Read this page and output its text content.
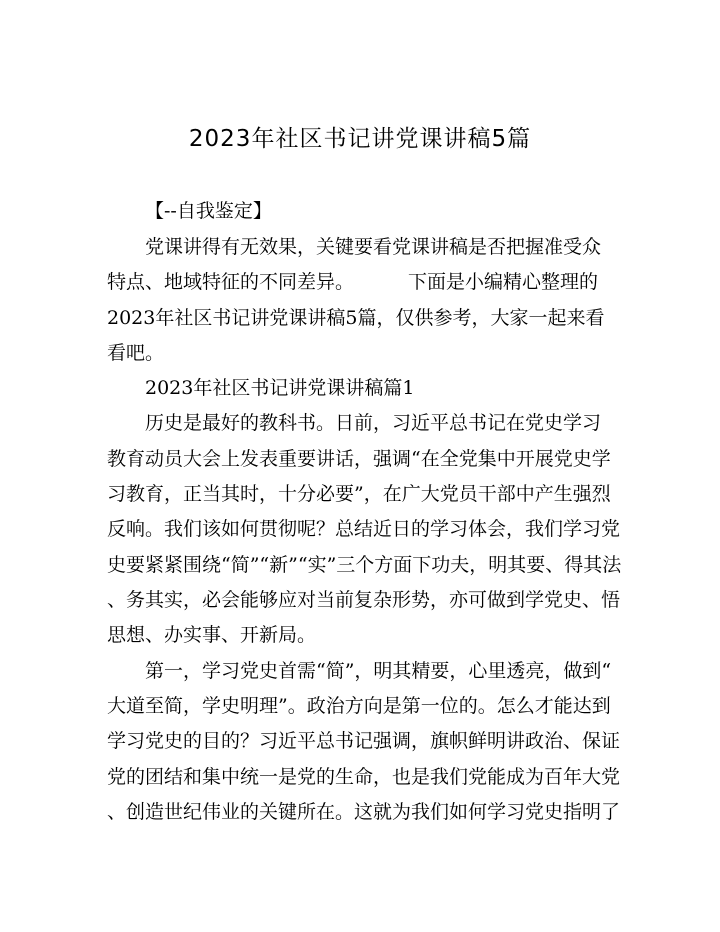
2023年社区书记讲党课讲稿5篇
【--自我鉴定】
党课讲得有无效果，关键要看党课讲稿是否把握准受众
特点、地域特征的不同差异。	下面是小编精心整理的
2023年社区书记讲党课讲稿5篇，仅供参考，大家一起来看
看吧。
2023年社区书记讲党课讲稿篇1
历史是最好的教科书。日前，习近平总书记在党史学习
教育动员大会上发表重要讲话，强调“在全党集中开展党史学
习教育，正当其时，十分必要”，在广大党员干部中产生强烈
反响。我们该如何贯彻呢？总结近日的学习体会，我们学习党
史要紧紧围绕“简”“新”“实”三个方面下功夫，明其要、得其法
、务其实，必会能够应对当前复杂形势，亦可做到学党史、悟
思想、办实事、开新局。
第一，学习党史首需“简”，明其精要，心里透亮，做到“
大道至简，学史明理”。政治方向是第一位的。怎么才能达到
学习党史的目的？习近平总书记强调，旗帜鲜明讲政治、保证
党的团结和集中统一是党的生命，也是我们党能成为百年大党
、创造世纪伟业的关键所在。这就为我们如何学习党史指明了
